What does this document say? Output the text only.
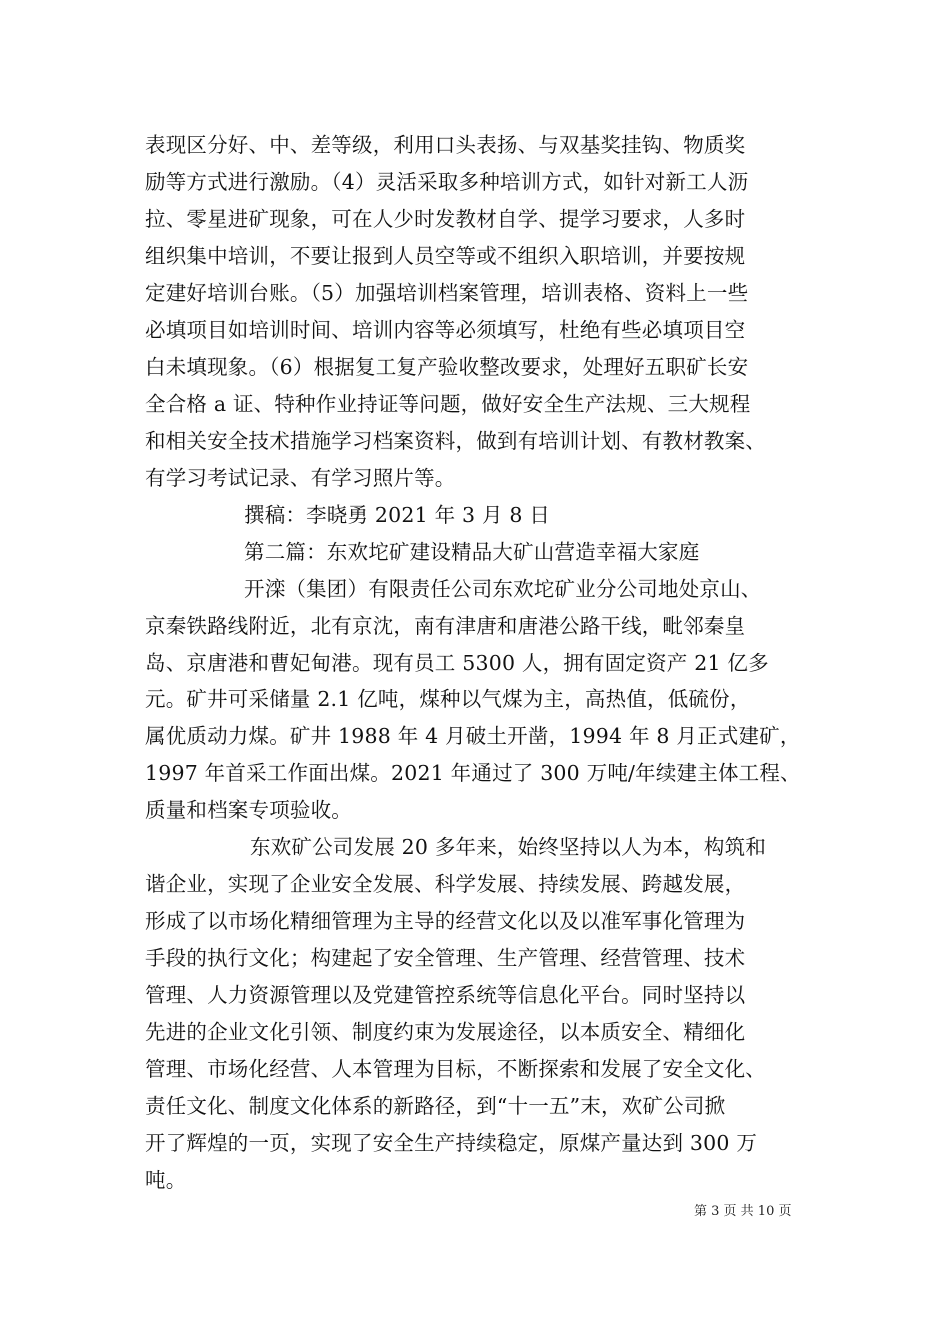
表现区分好、中、差等级，利用口头表扬、与双基奖挂钩、物质奖
励等方式进行激励。（4）灵活采取多种培训方式，如针对新工人沥
拉、零星进矿现象，可在人少时发教材自学、提学习要求，人多时
组织集中培训，不要让报到人员空等或不组织入职培训，并要按规
定建好培训台账。（5）加强培训档案管理，培训表格、资料上一些
必填项目如培训时间、培训内容等必须填写，杜绝有些必填项目空
白未填现象。（6）根据复工复产验收整改要求，处理好五职矿长安
全合格 a 证、特种作业持证等问题，做好安全生产法规、三大规程
和相关安全技术措施学习档案资料，做到有培训计划、有教材教案、
有学习考试记录、有学习照片等。
撰稿：李晓勇 2021 年 3 月 8 日
第二篇：东欢坨矿建设精品大矿山营造幸福大家庭
开滦（集团）有限责任公司东欢坨矿业分公司地处京山、
京秦铁路线附近，北有京沈，南有津唐和唐港公路干线，毗邻秦皇
岛、京唐港和曹妃甸港。现有员工 5300 人，拥有固定资产 21 亿多
元。矿井可采储量 2.1 亿吨，煤种以气煤为主，高热值，低硫份，
属优质动力煤。矿井 1988 年 4 月破土开凿，1994 年 8 月正式建矿，
1997 年首采工作面出煤。2021 年通过了 300 万吨/年续建主体工程、
质量和档案专项验收。
东欢矿公司发展 20 多年来，始终坚持以人为本，构筑和
谐企业，实现了企业安全发展、科学发展、持续发展、跨越发展，
形成了以市场化精细管理为主导的经营文化以及以准军事化管理为
手段的执行文化；构建起了安全管理、生产管理、经营管理、技术
管理、人力资源管理以及党建管控系统等信息化平台。同时坚持以
先进的企业文化引领、制度约束为发展途径，以本质安全、精细化
管理、市场化经营、人本管理为目标，不断探索和发展了安全文化、
责任文化、制度文化体系的新路径，到“十一五”末，欢矿公司掀
开了辉煌的一页，实现了安全生产持续稳定，原煤产量达到 300 万
吨。
第 3 页 共 10 页
